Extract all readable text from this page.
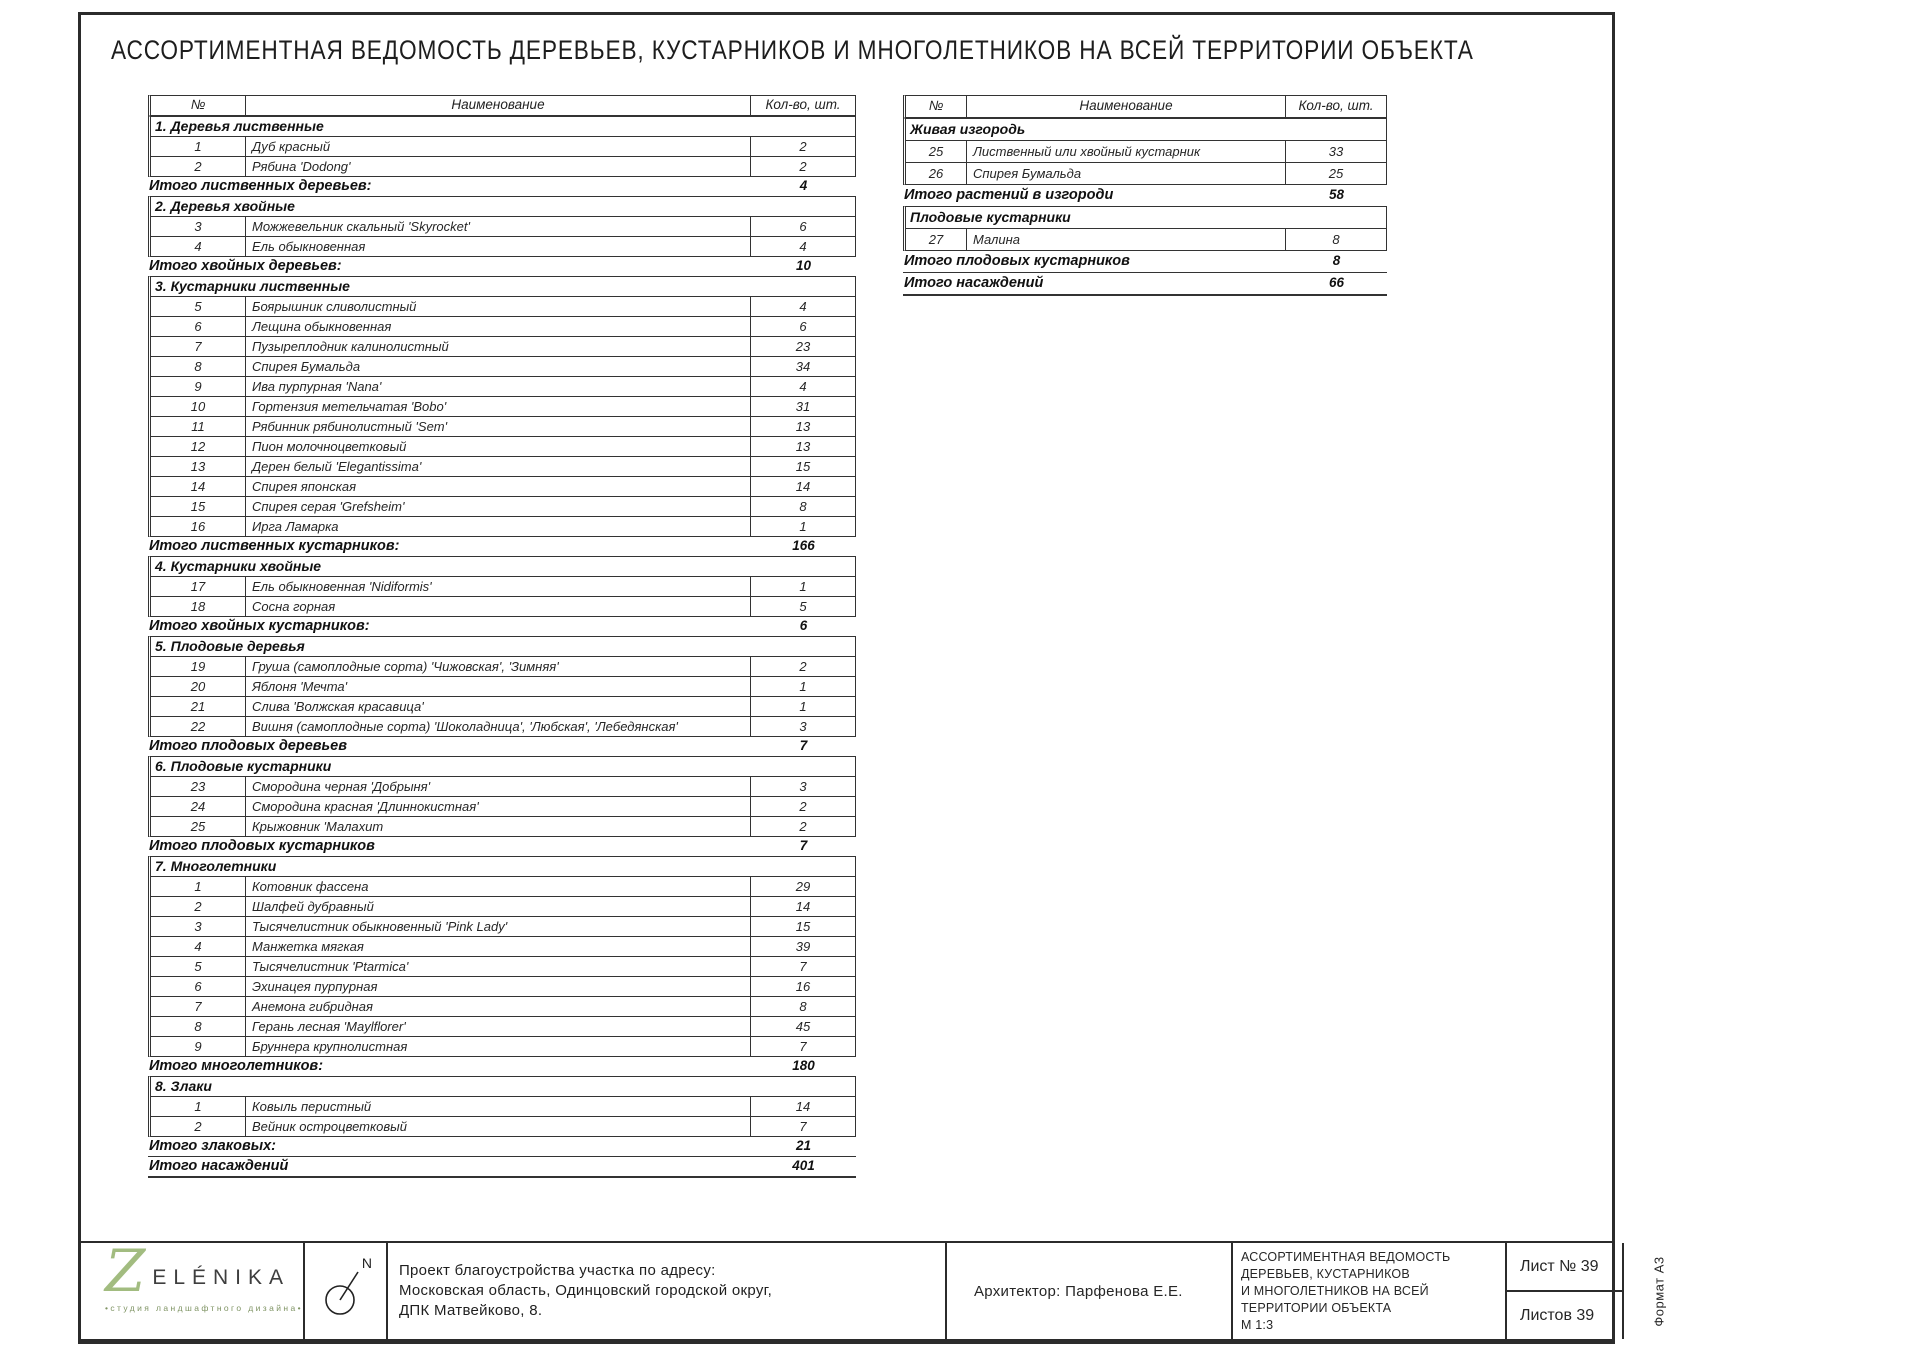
АССОРТИМЕНТНАЯ ВЕДОМОСТЬ ДЕРЕВЬЕВ, КУСТАРНИКОВ И МНОГОЛЕТНИКОВ НА ВСЕЙ ТЕРРИТОРИИ ОБЪЕКТА
№	Наименование	Кол-во, шт.
1. Деревья лиственные
1	Дуб красный	2
2	Рябина 'Dodong'	2
Итого лиственных деревьев:	4
2. Деревья хвойные
3	Можжевельник скальный 'Skyrocket'	6
4	Ель обыкновенная	4
Итого хвойных деревьев:	10
3. Кустарники лиственные
5	Боярышник сливолистный	4
6	Лещина обыкновенная	6
7	Пузыреплодник калинолистный	23
8	Спирея Бумальда	34
9	Ива пурпурная 'Nana'	4
10	Гортензия метельчатая 'Bobo'	31
11	Рябинник рябинолистный 'Sem'	13
12	Пион молочноцветковый	13
13	Дерен белый 'Elegantissima'	15
14	Спирея японская	14
15	Спирея серая 'Grefsheim'	8
16	Ирга Ламарка	1
Итого лиственных кустарников:	166
4. Кустарники хвойные
17	Ель обыкновенная 'Nidiformis'	1
18	Сосна горная	5
Итого хвойных кустарников:	6
5. Плодовые деревья
19	Груша (самоплодные сорта) 'Чижовская', 'Зимняя'	2
20	Яблоня 'Мечта'	1
21	Слива 'Волжская красавица'	1
22	Вишня (самоплодные сорта) 'Шоколадница', 'Любская', 'Лебедянская'	3
Итого плодовых деревьев	7
6. Плодовые кустарники
23	Смородина черная 'Добрыня'	3
24	Смородина красная 'Длиннокистная'	2
25	Крыжовник 'Малахит	2
Итого плодовых кустарников	7
7. Многолетники
1	Котовник фассена	29
2	Шалфей дубравный	14
3	Тысячелистник обыкновенный 'Pink Lady'	15
4	Манжетка мягкая	39
5	Тысячелистник 'Ptarmica'	7
6	Эхинацея пурпурная	16
7	Анемона гибридная	8
8	Герань лесная 'Maylflorer'	45
9	Бруннера крупнолистная	7
Итого многолетников:	180
8. Злаки
1	Ковыль перистный	14
2	Вейник остроцветковый	7
Итого злаковых:	21
Итого насаждений	401
№	Наименование	Кол-во, шт.
Живая изгородь
25	Лиственный или хвойный кустарник	33
26	Спирея Бумальда	25
Итого растений в изгороди	58
Плодовые кустарники
27	Малина	8
Итого плодовых кустарников	8
Итого насаждений	66
Z ELÉNIKA
•студия ландшафтного дизайна•
N Проект благоустройства участка по адресу:
Московская область, Одинцовский городской округ,
ДПК Матвейково, 8.
Архитектор: Парфенова Е.Е.
АССОРТИМЕНТНАЯ ВЕДОМОСТЬ ДЕРЕВЬЕВ, КУСТАРНИКОВ
И МНОГОЛЕТНИКОВ НА ВСЕЙ ТЕРРИТОРИИ ОБЪЕКТА
М 1:3
Лист № 39
Листов 39	Формат А3
